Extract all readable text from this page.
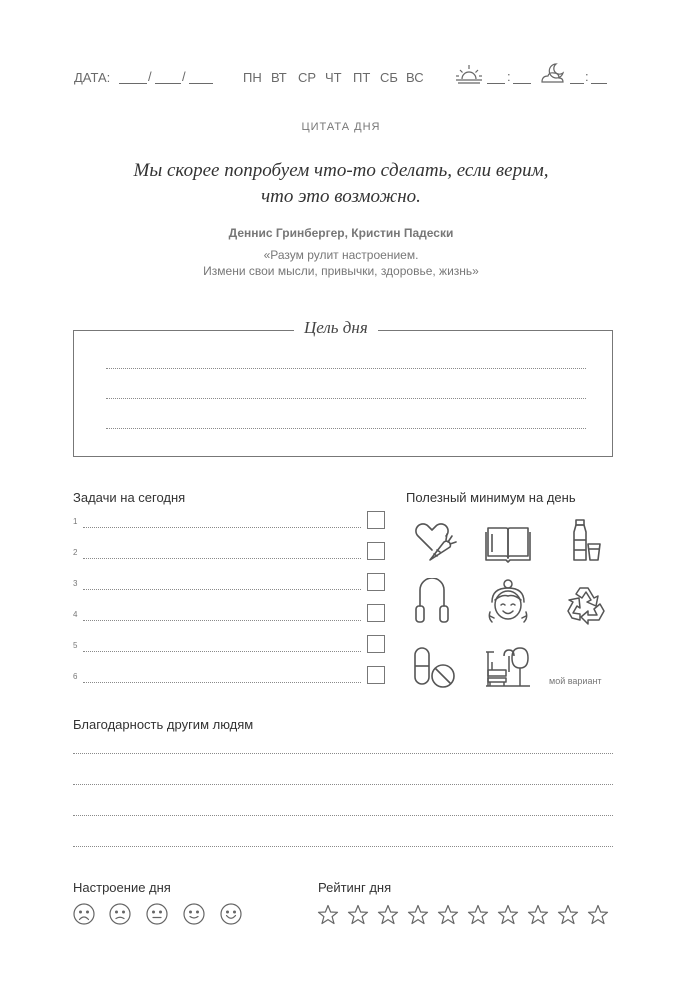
ДАТА:	/ /	ПН ВТ СР ЧТ ПТ СБ ВС	:	:
ЦИТАТА ДНЯ
Мы скорее попробуем что-то сделать, если верим,
что это возможно.
Деннис Гринбергер, Кристин Падески
«Разум рулит настроением.
Измени свои мысли, привычки, здоровье, жизнь»
Цель дня
Задачи на сегодня
1
2
3
4
5
6
Полезный минимум на день
мой вариант
Благодарность другим людям
Настроение дня	Рейтинг дня
